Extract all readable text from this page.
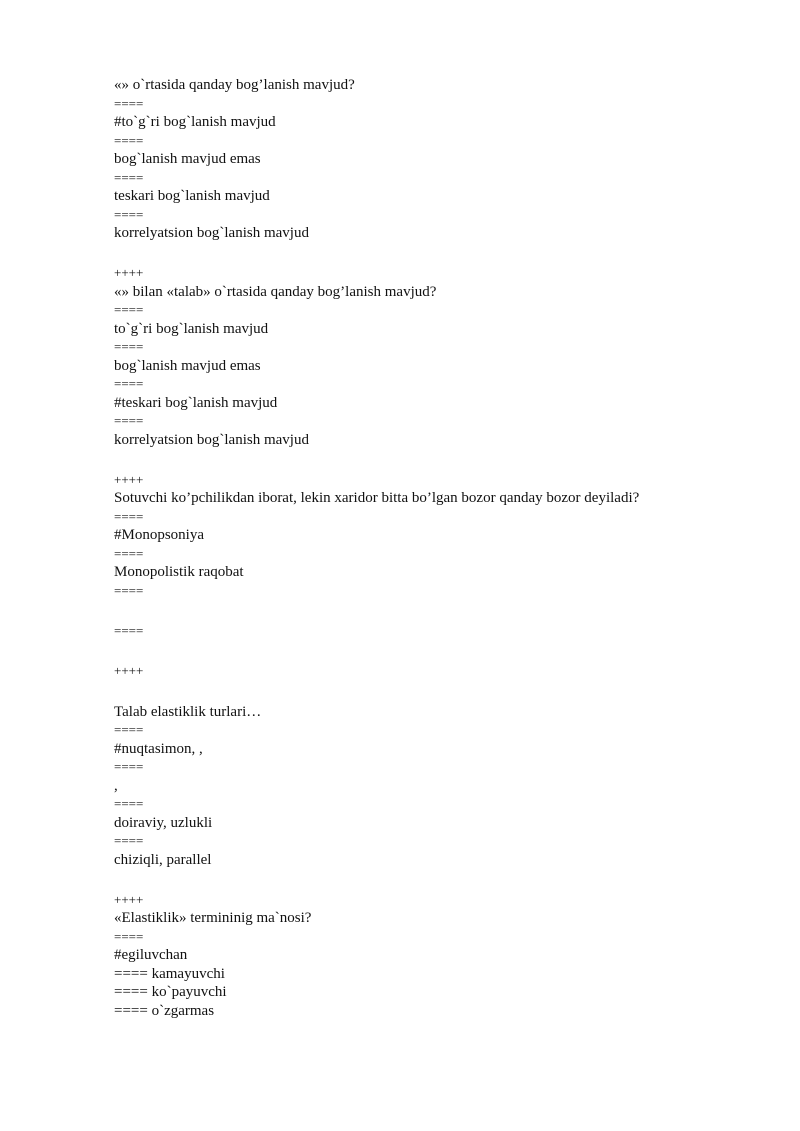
«» o`rtasida qanday bog’lanish mavjud?
====
#to`g`ri bog`lanish mavjud
====
bog`lanish mavjud emas
====
teskari bog`lanish mavjud
====
korrelyatsion bog`lanish mavjud
++++
«» bilan «talab» o`rtasida qanday bog’lanish mavjud?
====
to`g`ri bog`lanish mavjud
====
bog`lanish mavjud emas
====
#teskari bog`lanish mavjud
====
korrelyatsion bog`lanish mavjud
++++
Sotuvchi ko’pchilikdan iborat, lekin xaridor bitta bo’lgan bozor qanday bozor deyiladi?
====
#Monopsoniya
====
Monopolistik raqobat
====
====
++++
Talab elastiklik turlari…
====
#nuqtasimon, ,
====
,
====
doiraviy, uzlukli
====
chiziqli, parallel
++++
«Elastiklik» termininig ma`nosi?
====
#egiluvchan
==== kamayuvchi
==== ko`payuvchi
==== o`zgarmas
